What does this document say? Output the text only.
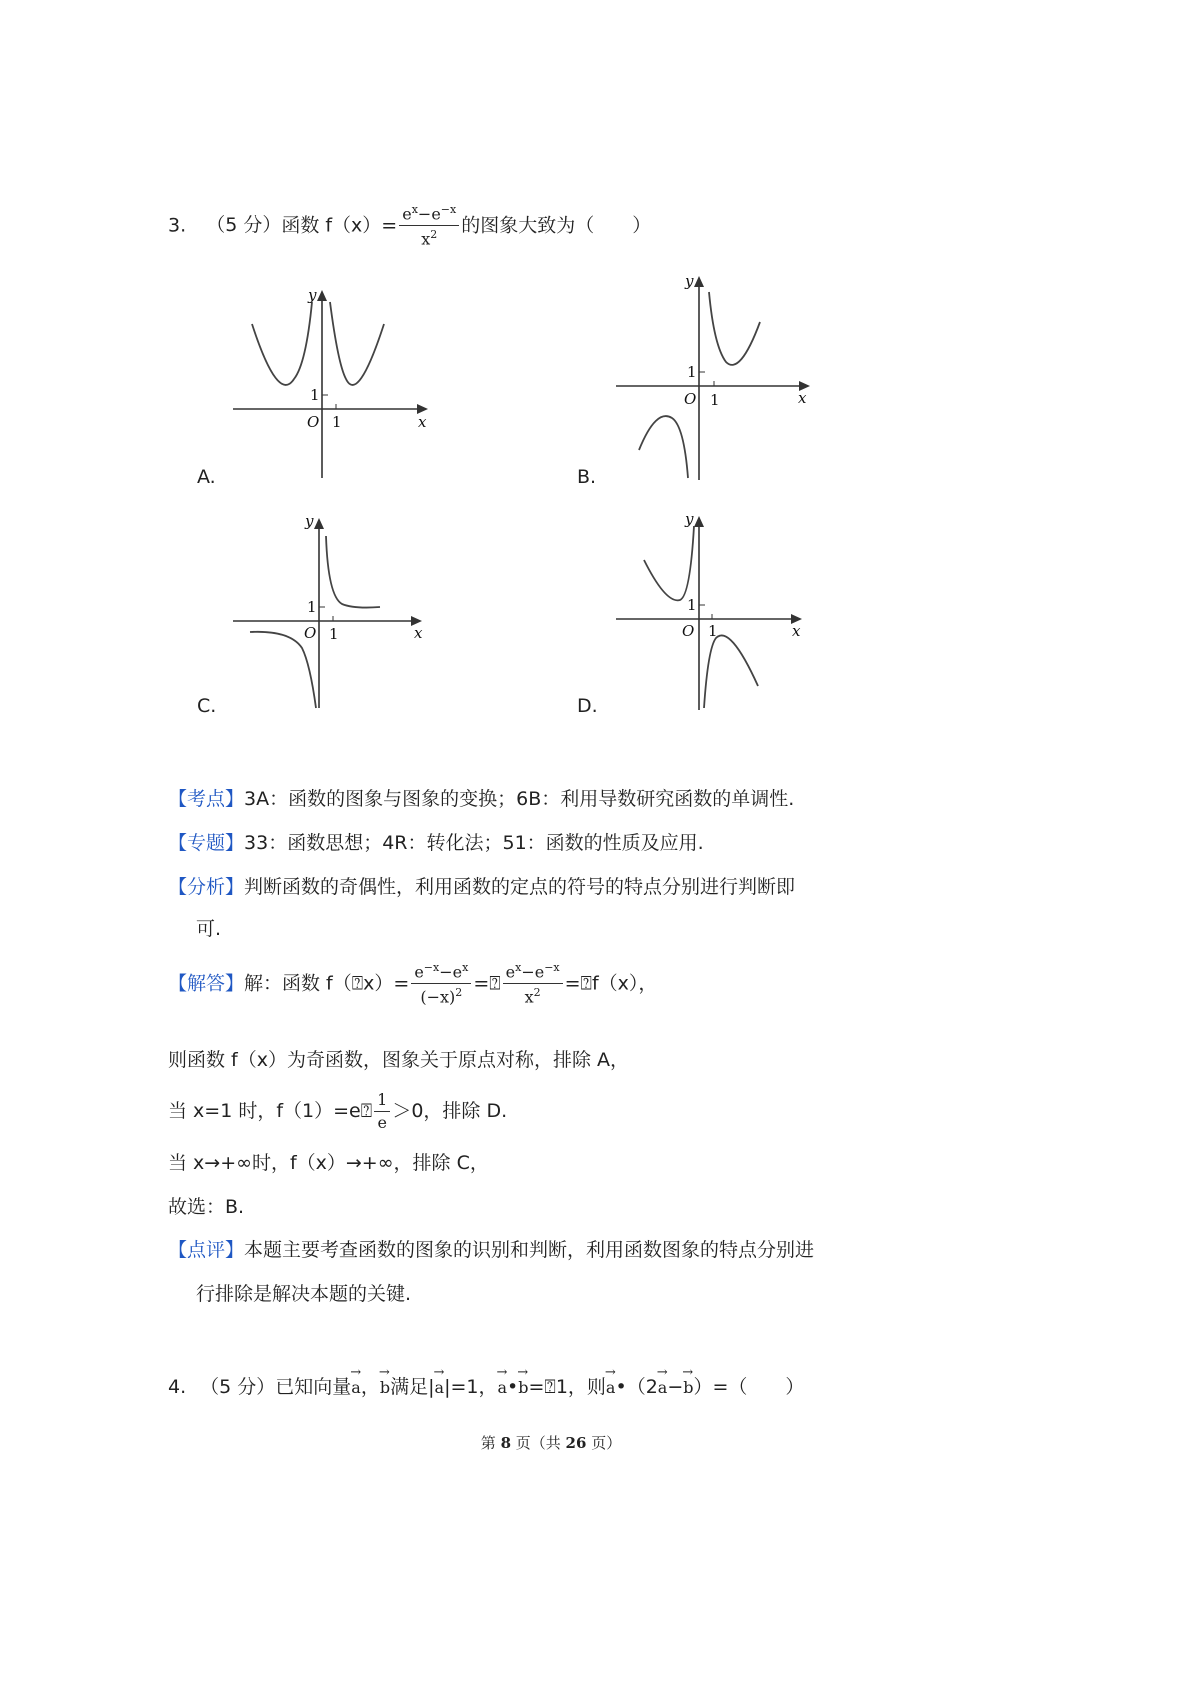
3. （5 分）函数 $f(x)= \frac{e^x-e^{-x}}{x^2}$ 的图象大致为（　　）
y
x
O
1
1
A.
y
x
O
1
1
B.
y
x
O
1
1
C.
y
x
O
1
1
D.
【考点】3A：函数的图象与图象的变换；6B：利用导数研究函数的单调性.
【专题】33：函数思想；4R：转化法；51：函数的性质及应用.
【分析】判断函数的奇偶性，利用函数的定点的符号的特点分别进行判断即
可.
【解答】解：函数 f（⍰x）= $\frac{e^{-x}-e^x}{(-x)^2}$ =⍰ $\frac{e^x-e^{-x}}{x^2}$ =⍰f（x），
则函数 f（x）为奇函数，图象关于原点对称，排除 A，
当 x=1 时，f（1）=e⍰ $\frac{1}{e} >0$，排除 D.
当 x→+∞时，f（x）→+∞，排除 C，
故选：B.
【点评】本题主要考查函数的图象的识别和判断，利用函数图象的特点分别进
行排除是解决本题的关键.
4. （5 分）已知向量→ a，→ b满足|→ a|=1，→ a•→ b=⍰1，则→ a•（2→ a−→ b）=（　　）
第 8 页（共 26 页）
